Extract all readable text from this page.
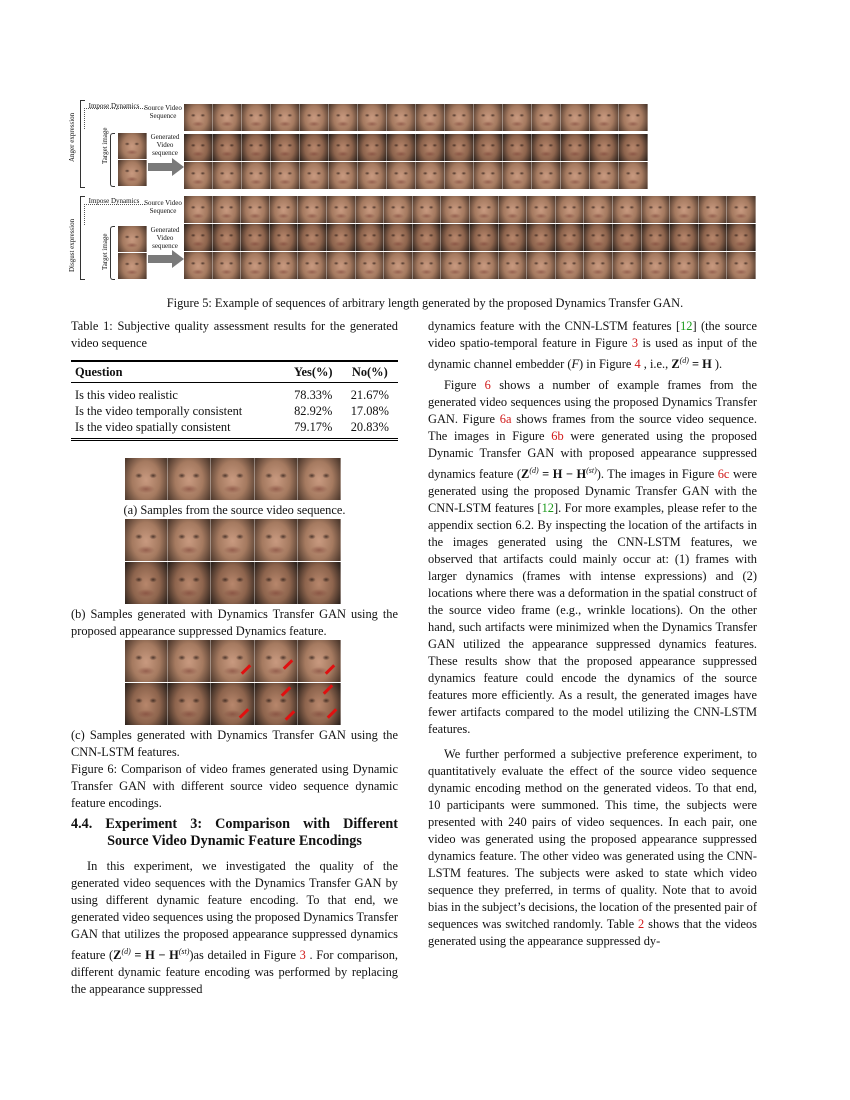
Anger expression
Impose Dynamics Source Video
Sequence
Target image	Generated
Video
sequence
Disgust expression
Impose Dynamics Source Video
Sequence
Target image
Generated
Video
sequence

Figure 5: Example of sequences of arbitrary length generated by the proposed Dynamics Transfer GAN.

Table 1: Subjective quality assessment results for the generated video sequence

Question	Yes(%)	No(%)
Is this video realistic	78.33%	21.67%
Is the video temporally consistent	82.92%	17.08%
Is the video spatially consistent	79.17%	20.83%

(a) Samples from the source video sequence.

(b) Samples generated with Dynamics Transfer GAN using the proposed appearance suppressed Dynamics feature.

(c) Samples generated with Dynamics Transfer GAN using the CNN-LSTM features.

Figure 6: Comparison of video frames generated using Dynamic Transfer GAN with different source video sequence dynamic feature encodings.

4.4. Experiment 3: Comparison with Different
Source Video Dynamic Feature Encodings

In this experiment, we investigated the quality of the generated video sequences with the Dynamics Transfer GAN by using different dynamic feature encoding. To that end, we generated video sequences using the proposed Dynamics Transfer GAN that utilizes the proposed appearance suppressed dynamics feature $(Z^{(d)} = H - H^{(st)})as$ detailed in Figure 3 . For comparison, different dynamic feature encoding was performed by replacing the appearance suppressed

dynamics feature with the CNN-LSTM features [12] (the source video spatio-temporal feature in Figure 3 is used as input of the dynamic channel embedder (F) in Figure 4 , i.e., $Z^{(d)} = H$ ).

Figure 6 shows a number of example frames from the generated video sequences using the proposed Dynamics Transfer GAN. Figure 6a shows frames from the source video sequence. The images in Figure 6b were generated using the proposed Dynamic Transfer GAN with proposed appearance suppressed dynamics feature $(Z^{(d)} = H - H^{(st)})$. The images in Figure 6c were generated using the proposed Dynamic Transfer GAN with the CNN-LSTM features [12]. For more examples, please refer to the appendix section 6.2. By inspecting the location of the artifacts in the images generated using the CNN-LSTM features, we observed that artifacts could mainly occur at: (1) frames with larger dynamics (frames with intense expressions) and (2) locations where there was a deformation in the spatial construct of the source video frame (e.g., wrinkle locations). On the other hand, such artifacts were minimized when the Dynamics Transfer GAN utilized the appearance suppressed dynamics features. These results show that the proposed appearance suppressed dynamics feature could encode the dynamics of the source features more efficiently. As a result, the generated images have fewer artifacts compared to the model utilizing the CNN-LSTM features.

We further performed a subjective preference experiment, to quantitatively evaluate the effect of the source video sequence dynamic encoding method on the generated videos. To that end, 10 participants were summoned. This time, the subjects were presented with 240 pairs of video sequences. In each pair, one video was generated using the proposed appearance suppressed dynamics feature. The other video was generated using the CNN-LSTM features. The subjects were asked to state which video sequence they preferred, in terms of quality. Note that to avoid bias in the subject’s decisions, the location of the presented pair of sequences was switched randomly. Table 2 shows that the videos generated using the appearance suppressed dy-
